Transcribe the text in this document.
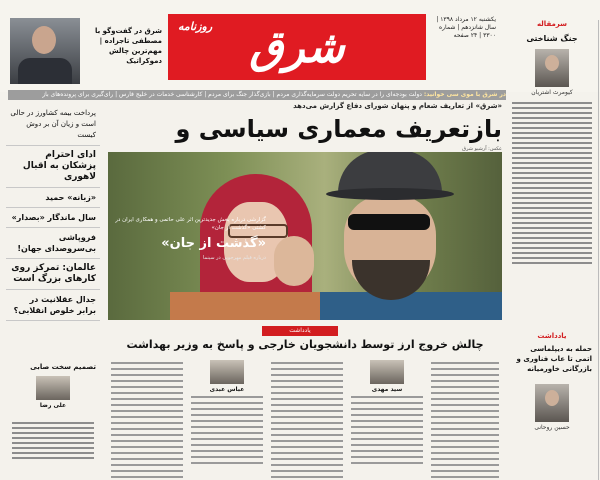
روزنامه شرق
یکشنبه ۱۲ مرداد ۱۳۹۸ | سال شانزدهم | شماره ۳۳۰۰ | ۲۴ صفحه
شرق در گفت‌وگو با مصطفی تاجزاده | مهم‌ترین چالش دموکراتیک
در شرق با موی سی خوانید: دولت بودجه‌ای را در سایه تحریم دولت سرمایه‌گذاری مردم | بازی‌گذار جنگ برای مردم | کارشناسی خدمات در خلیج فارس | رای‌گیری برای پرونده‌های باز
سرمقاله
جنگ شناختی
کیومرث اشتریان
یادداشت
حمله به دیپلماسی اتمی تا عاب فناوری و بازرگانی خاورمیانه
حسین روحانی
پرداخت بیمه کشاورز در حالی است و زیان آن بر دوش کیست
ادای احترام پزشکان به اقبال لاهوری
«زبانه» حمید
سال ماندگار «بصدار»
فروپاشی بی‌سروصدای جهان!
عالمان: تمرکز روی کارهای بزرگ است
جدال عقلانیت در برابر خلوص انقلابی؟
تصمیم سخت صابی
علی رضا
«شرق» از تعاریف شعام و پنهان شورای دفاع گزارش می‌دهد
بازتعریف معماری سیاسی و
عکس: آرشیو شرق
گزارشی درباره پخش جدیدترین اثر علی حاتمی و همکاری ایران در کشتی «گذشت از جان»
«گذشت از جان»
درباره فیلم مهرجویی در سینما
یادداشت
چالش خروج ارز توسط دانشجویان خارجی و پاسخ به وزیر بهداشت
عباس عبدی	سید مهدی
